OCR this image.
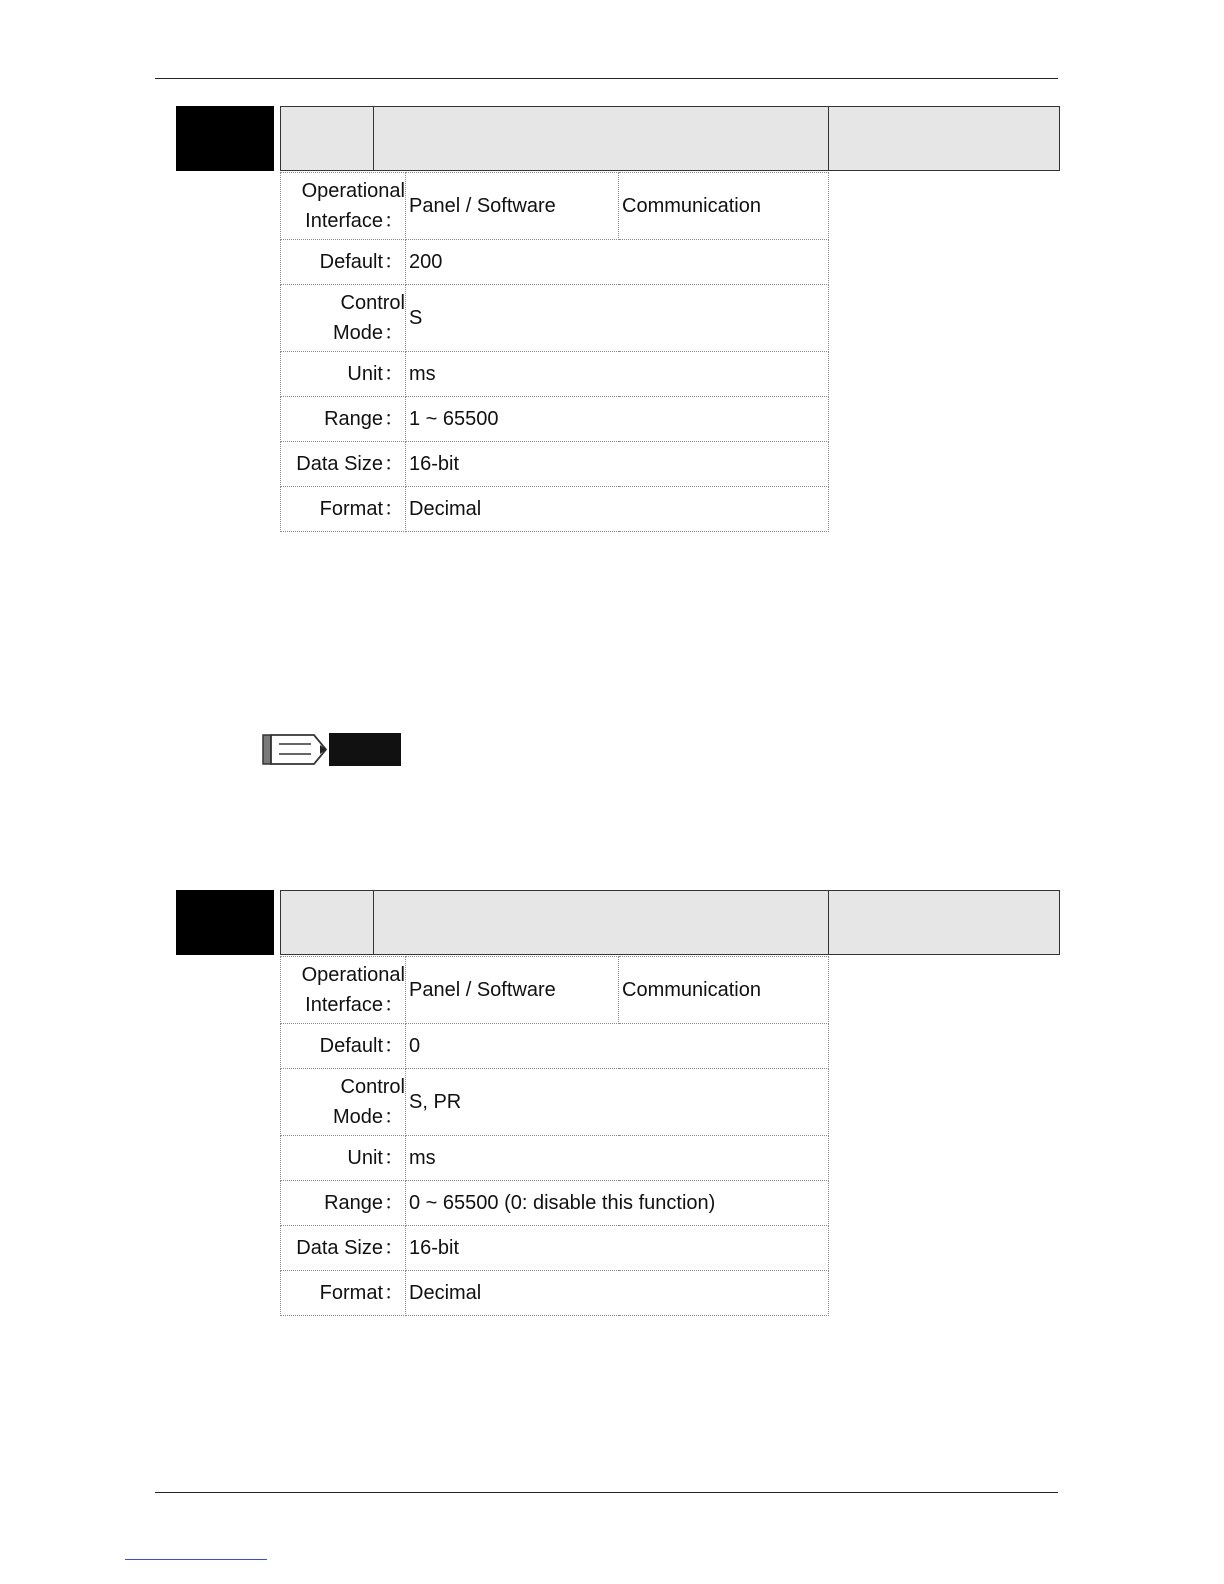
Operational
Interface：	Panel / Software	Communication
Default：	200	
Control
Mode：	S	
Unit：	ms	
Range：	1 ~ 65500	
Data Size：	16-bit	
Format：	Decimal	
Operational
Interface：	Panel / Software	Communication
Default：	0	
Control
Mode：	S, PR	
Unit：	ms	
Range：	0 ~ 65500 (0: disable this function)	
Data Size：	16-bit	
Format：	Decimal	
